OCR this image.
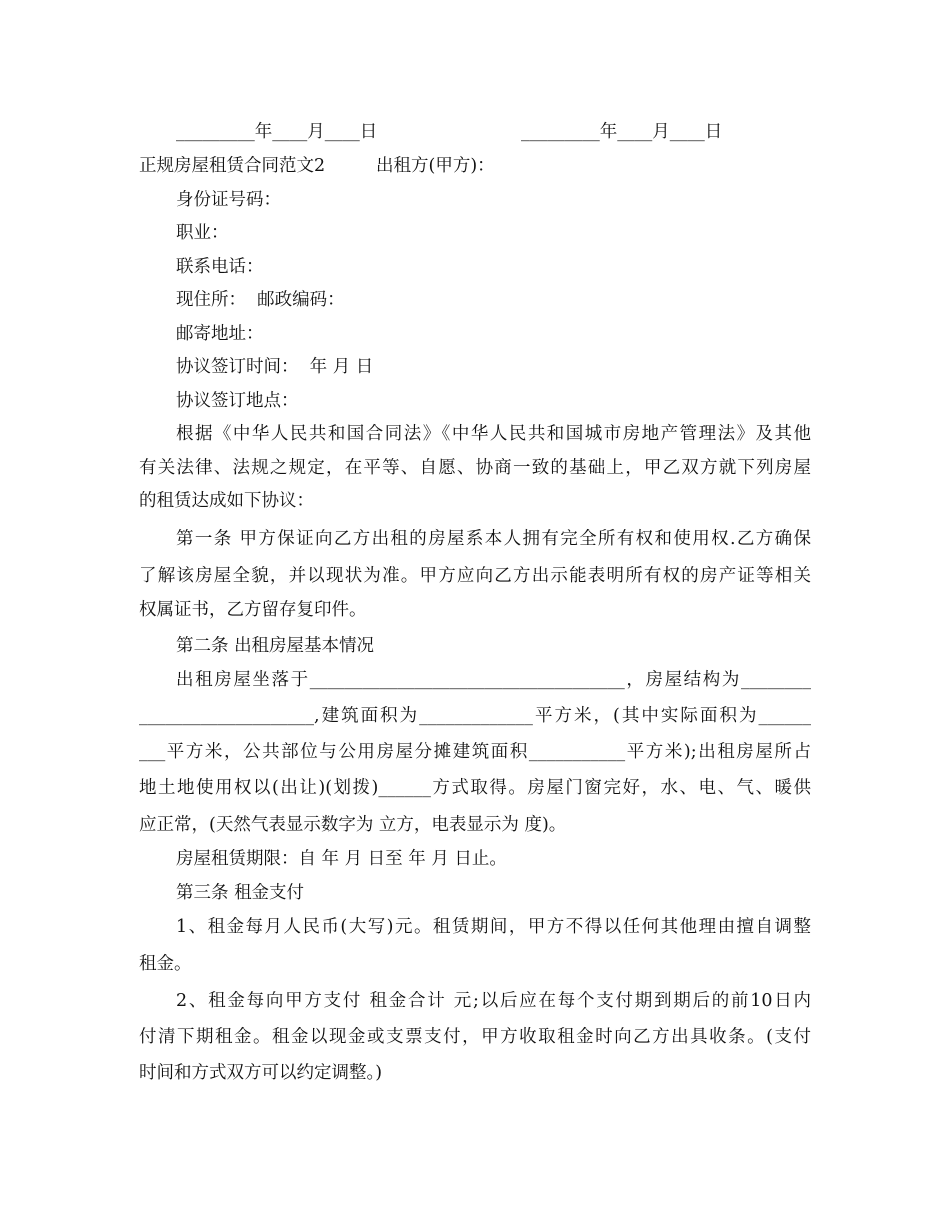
_________年____月____日	_________年____月____日
正规房屋租赁合同范文2	出租方(甲方)：
身份证号码：
职业：
联系电话：
现住所：  邮政编码：
邮寄地址：
协议签订时间：  年 月 日
协议签订地点：
根据《中华人民共和国合同法》《中华人民共和国城市房地产管理法》及其他
有关法律、法规之规定，在平等、自愿、协商一致的基础上，甲乙双方就下列房屋
的租赁达成如下协议：
第一条 甲方保证向乙方出租的房屋系本人拥有完全所有权和使用权.乙方确保
了解该房屋全貌，并以现状为准。甲方应向乙方出示能表明所有权的房产证等相关
权属证书，乙方留存复印件。
第二条 出租房屋基本情况
出租房屋坐落于____________________________________，房屋结构为________
____________________,建筑面积为_____________平方米，(其中实际面积为______
___平方米，公共部位与公用房屋分摊建筑面积___________平方米);出租房屋所占
地土地使用权以(出让)(划拨)______方式取得。房屋门窗完好，水、电、气、暖供
应正常，(天然气表显示数字为 立方，电表显示为 度)。
房屋租赁期限：自 年 月 日至 年 月 日止。
第三条 租金支付
1、租金每月人民币(大写)元。租赁期间，甲方不得以任何其他理由擅自调整
租金。
2、租金每向甲方支付 租金合计 元;以后应在每个支付期到期后的前10日内
付清下期租金。租金以现金或支票支付，甲方收取租金时向乙方出具收条。(支付
时间和方式双方可以约定调整。)
